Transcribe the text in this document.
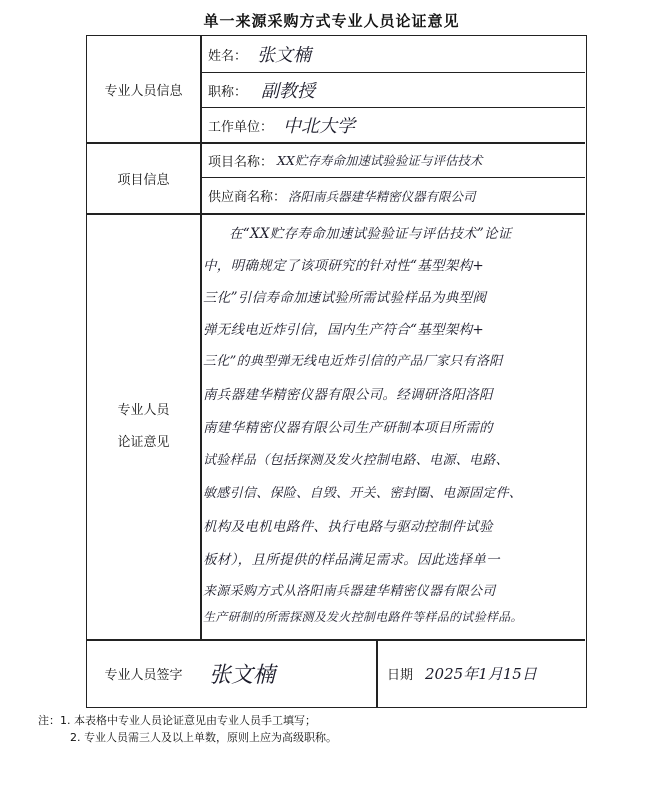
单一来源采购方式专业人员论证意见
专业人员信息
项目信息
专业人员
论证意见
专业人员签字
姓名： 张文楠
职称： 副教授
工作单位： 中北大学
项目名称： XX贮存寿命加速试验验证与评估技术
供应商名称： 洛阳南兵器建华精密仪器有限公司
在“XX贮存寿命加速试验验证与评估技术”论证
中，明确规定了该项研究的针对性“基型架构+
三化”引信寿命加速试验所需试验样品为典型阀
弹无线电近炸引信，国内生产符合“基型架构+
三化”的典型弹无线电近炸引信的产品厂家只有洛阳
南兵器建华精密仪器有限公司。经调研洛阳洛阳
南建华精密仪器有限公司生产研制本项目所需的
试验样品（包括探测及发火控制电路、电源、电路、
敏感引信、保险、自毁、开关、密封圈、电源固定件、
机构及电机电路件、执行电路与驱动控制件试验
板材），且所提供的样品满足需求。因此选择单一
来源采购方式从洛阳南兵器建华精密仪器有限公司
生产研制的所需探测及发火控制电路件等样品的试验样品。
张文楠	日期 2025年1月15日
注：1. 本表格中专业人员论证意见由专业人员手工填写；
2. 专业人员需三人及以上单数，原则上应为高级职称。
